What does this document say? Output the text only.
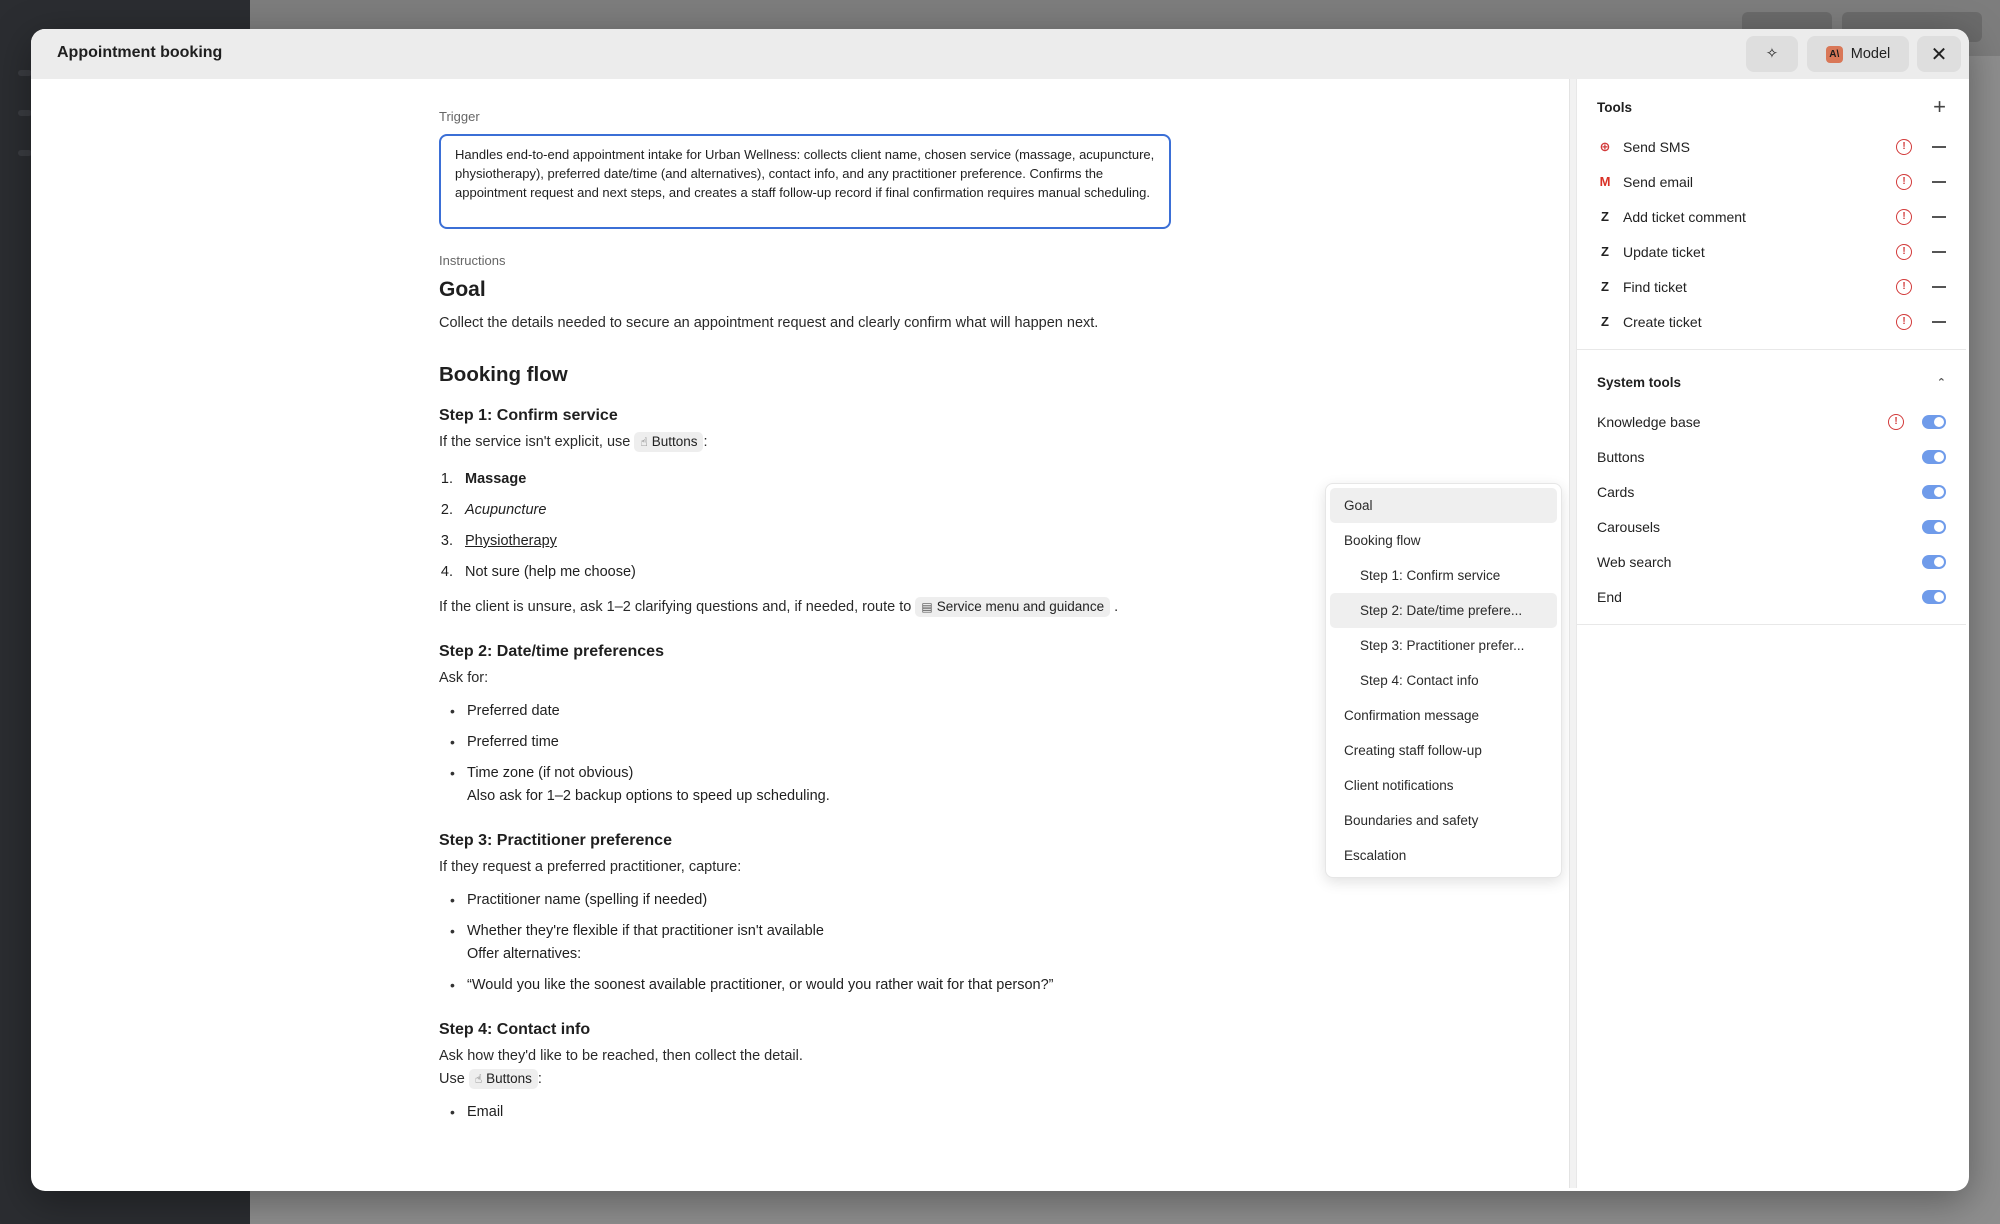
Appointment booking	✧	A\ Model ✕
Trigger
Handles end-to-end appointment intake for Urban Wellness: collects client name, chosen service (massage, acupuncture, physiotherapy), preferred date/time (and alternatives), contact info, and any practitioner preference. Confirms the appointment request and next steps, and creates a staff follow-up record if final confirmation requires manual scheduling.
Instructions
Goal

Collect the details needed to secure an appointment request and clearly confirm what will happen next.

Booking flow
Step 1: Confirm service

If the service isn't explicit, use ☝ Buttons :

1. Massage
2. Acupuncture
3. Physiotherapy
4. Not sure (help me choose)

If the client is unsure, ask 1–2 clarifying questions and, if needed, route to ▤ Service menu and guidance .

Step 2: Date/time preferences

Ask for:

• Preferred date
• Preferred time
• Time zone (if not obvious)
Also ask for 1–2 backup options to speed up scheduling.
Step 3: Practitioner preference

If they request a preferred practitioner, capture:

• Practitioner name (spelling if needed)
• Whether they're flexible if that practitioner isn't available
Offer alternatives:
• “Would you like the soonest available practitioner, or would you rather wait for that person?”
Step 4: Contact info

Ask how they'd like to be reached, then collect the detail.

Use ☝ Buttons :

• Email
Goal
Booking flow
Step 1: Confirm service
Step 2: Date/time prefere...
Step 3: Practitioner prefer...
Step 4: Contact info
Confirmation message
Creating staff follow-up
Client notifications
Boundaries and safety
Escalation
Tools	+
⊕ Send SMS	!
M Send email	!
Z Add ticket comment	!
Z Update ticket	!
Z Find ticket	!
Z Create ticket	!
System tools	⌃
Knowledge base	!
Buttons
Cards
Carousels
Web search
End
